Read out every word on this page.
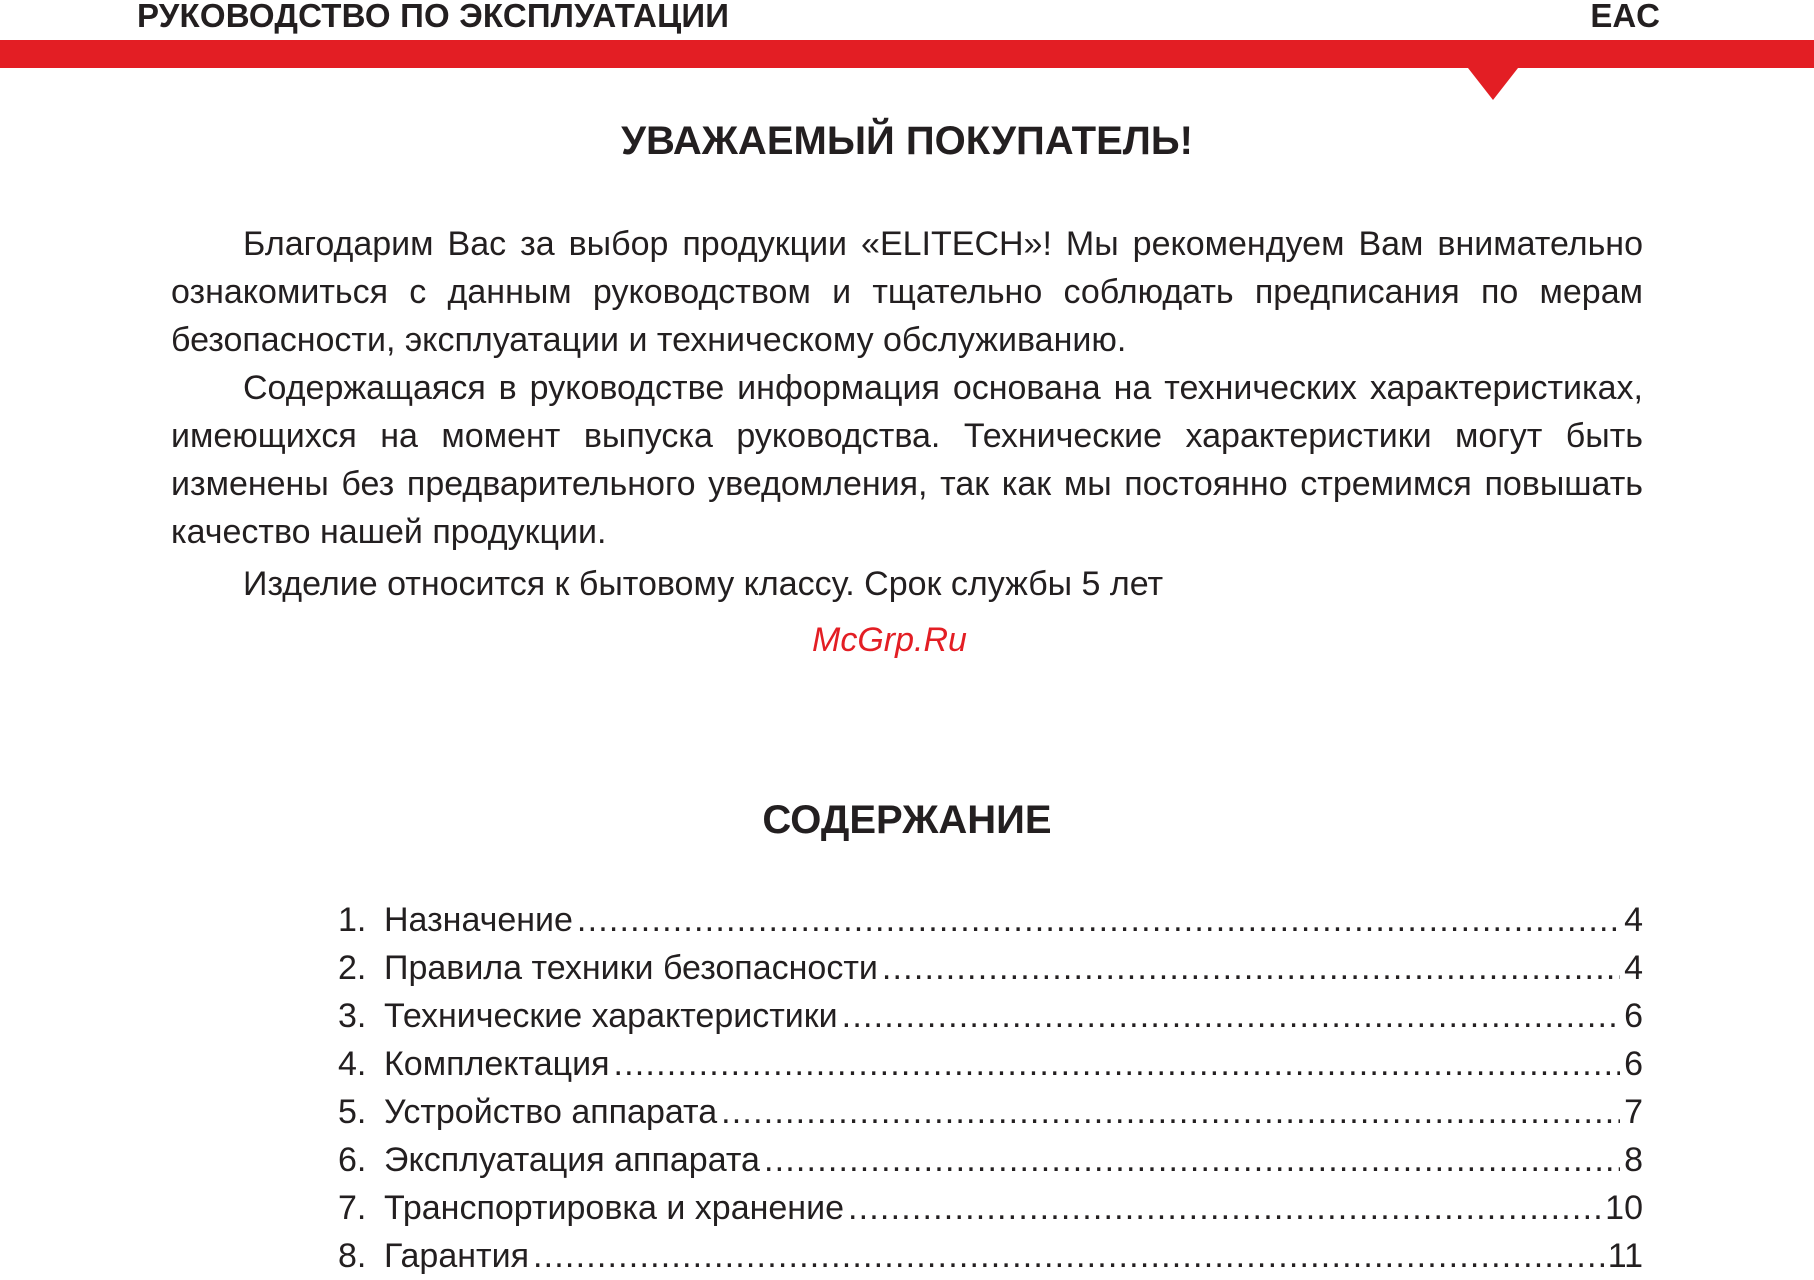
РУКОВОДСТВО ПО ЭКСПЛУАТАЦИИ	EAC
УВАЖАЕМЫЙ ПОКУПАТЕЛЬ!

Благодарим Вас за выбор продукции «ELITECH»! Мы рекомендуем Вам внимательно ознакомиться с данным руководством и тщательно соблюдать предписания по мерам безопасности, эксплуатации и техническому обслуживанию.

Содержащаяся в руководстве информация основана на технических характеристиках, имеющихся на момент выпуска руководства. Технические характеристики могут быть изменены без предварительного уведомления, так как мы постоянно стремимся повышать качество нашей продукции.

Изделие относится к бытовому классу. Срок службы 5 лет

McGrp.Ru
СОДЕРЖАНИЕ
1. Назначение .....	4
2. Правила техники безопасности .....	4
3. Технические характеристики .....	6
4. Комплектация .....	6
5. Устройство аппарата .....	7
6. Эксплуатация аппарата .....	8
7. Транспортировка и хранение .....	10
8. Гарантия .....	11
